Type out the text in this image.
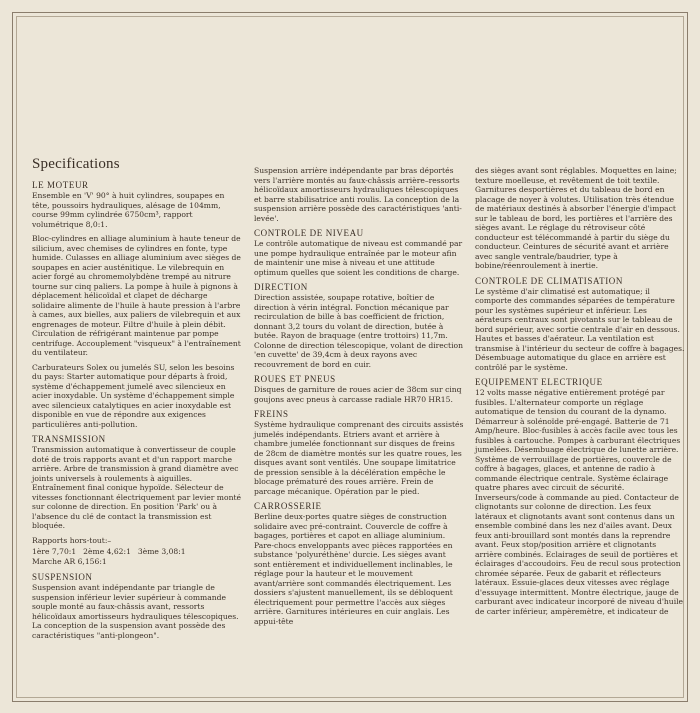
Specifications
LE MOTEUR

Ensemble en 'V' 90° à huit cylindres, soupapes en tête, poussoirs hydrauliques, alésage de 104mm, course 99mm cylindrée 6750cm³, rapport volumétrique 8,0:1.

Bloc-cylindres en alliage aluminium à haute teneur de silicium, avec chemises de cylindres en fonte, type humide. Culasses en alliage aluminium avec sièges de soupapes en acier austénitique. Le vilebrequin en acier forgé au chromemolybdène trempé au nitrure tourne sur cinq paliers. La pompe à huile à pignons à déplacement hélicoïdal et clapet de décharge solidaire alimente de l'huile à haute pression à l'arbre à cames, aux bielles, aux paliers de vilebrequin et aux engrenages de moteur. Filtre d'huile à plein débit. Circulation de réfrigérant maintenue par pompe centrifuge. Accouplement "visqueux" à l'entraînement du ventilateur.

Carburateurs Solex ou jumelés SU, selon les besoins du pays: Starter automatique pour départs à froid, système d'échappement jumelé avec silencieux en acier inoxydable. Un système d'échappement simple avec silencieux catalytiques en acier inoxydable est disponible en vue de répondre aux exigences particulières anti-pollution.

TRANSMISSION

Transmission automatique à convertisseur de couple doté de trois rapports avant et d'un rapport marche arrière. Arbre de transmission à grand diamètre avec joints universels à roulements à aiguilles. Entraînement final conique hypoïde. Sélecteur de vitesses fonctionnant électriquement par levier monté sur colonne de direction. En position 'Park' ou à l'absence du clé de contact la transmission est bloquée.

Rapports hors-tout:–
1ère 7,70:1 2ème 4,62:1 3ème 3,08:1
Marche AR 6,156:1
SUSPENSION

Suspension avant indépendante par triangle de suspension inférieur levier supérieur à commande souple monté au faux-châssis avant, ressorts hélicoïdaux amortisseurs hydrauliques télescopiques. La conception de la suspension avant possède des caractéristiques "anti-plongeon".

Suspension arrière indépendante par bras déportés vers l'arrière montés au faux-châssis arrière–ressorts hélicoïdaux amortisseurs hydrauliques télescopiques et barre stabilisatrice anti roulis. La conception de la suspension arrière possède des caractéristiques 'anti-levée'.

CONTROLE DE NIVEAU

Le contrôle automatique de niveau est commandé par une pompe hydraulique entraînée par le moteur afin de maintenir une mise à niveau et une attitude optimum quelles que soient les conditions de charge.

DIRECTION

Direction assistée, soupape rotative, boîtier de direction à vérin intégral. Fonction mécanique par recirculation de bille à bas coefficient de friction, donnant 3,2 tours du volant de direction, butée à butée. Rayon de braquage (entre trottoirs) 11,7m. Colonne de direction télescopique, volant de direction 'en cuvette' de 39,4cm à deux rayons avec recouvrement de bord en cuir.

ROUES ET PNEUS

Disques de garniture de roues acier de 38cm sur cinq goujons avec pneus à carcasse radiale HR70 HR15.

FREINS

Système hydraulique comprenant des circuits assistés jumelés indépendants. Etriers avant et arrière à chambre jumelée fonctionnant sur disques de freins de 28cm de diamètre montés sur les quatre roues, les disques avant sont ventilés. Une soupape limitatrice de pression sensible à la décélération empêche le blocage prématuré des roues arrière. Frein de parcage mécanique. Opération par le pied.

CARROSSERIE

Berline deux-portes quatre sièges de construction solidaire avec pré-contraint. Couvercle de coffre à bagages, portières et capot en alliage aluminium. Pare-chocs enveloppants avec pièces rapportées en substance 'polyuréthène' durcie. Les sièges avant sont entièrement et individuellement inclinables, le réglage pour la hauteur et le mouvement avant/arrière sont commandés électriquement. Les dossiers s'ajustent manuellement, ils se débloquent électriquement pour permettre l'accès aux sièges arrière. Garnitures intérieures en cuir anglais. Les appui-tête

des sièges avant sont réglables. Moquettes en laine; texture moelleuse, et revêtement de toit textile. Garnitures desportières et du tableau de bord en placage de noyer à volutes. Utilisation très étendue de matériaux destinés à absorber l'énergie d'impact sur le tableau de bord, les portières et l'arrière des sièges avant. Le réglage du rétroviseur côté conducteur est télécommandé à partir du siège du conducteur. Ceintures de sécurité avant et arrière avec sangle ventrale/baudrier, type à bobine/réenroulement à inertie.

CONTROLE DE CLIMATISATION

Le système d'air climatisé est automatique; il comporte des commandes séparées de température pour les systèmes supérieur et inférieur. Les aérateurs centraux sont pivotants sur le tableau de bord supérieur, avec sortie centrale d'air en dessous. Hautes et basses d'aérateur. La ventilation est transmise à l'intérieur du secteur de coffre à bagages. Désembuage automatique du glace en arrière est contrôlé par le système.

EQUIPEMENT ELECTRIQUE

12 volts masse négative entièrement protégé par fusibles. L'alternateur comporte un réglage automatique de tension du courant de la dynamo. Démarreur à solénoïde pré-engagé. Batterie de 71 Amp/heure. Bloc-fusibles à accès facile avec tous les fusibles à cartouche. Pompes à carburant électriques jumelées. Désembuage électrique de lunette arrière. Système de verrouillage de portières, couvercle de coffre à bagages, glaces, et antenne de radio à commande électrique centrale. Système éclairage quatre phares avec circuit de sécurité. Inverseurs/code à commande au pied. Contacteur de clignotants sur colonne de direction. Les feux latéraux et clignotants avant sont contenus dans un ensemble combiné dans les nez d'ailes avant. Deux feux anti-brouillard sont montés dans la reprendre avant. Feux stop/position arrière et clignotants arrière combinés. Eclairages de seuil de portières et éclairages d'accoudoirs. Feu de recul sous protection chromée séparée. Feux de gabarit et réflecteurs latéraux. Essuie-glaces deux vitesses avec réglage d'essuyage intermittent. Montre électrique, jauge de carburant avec indicateur incorporé de niveau d'huile de carter inférieur, ampèremètre, et indicateur de
